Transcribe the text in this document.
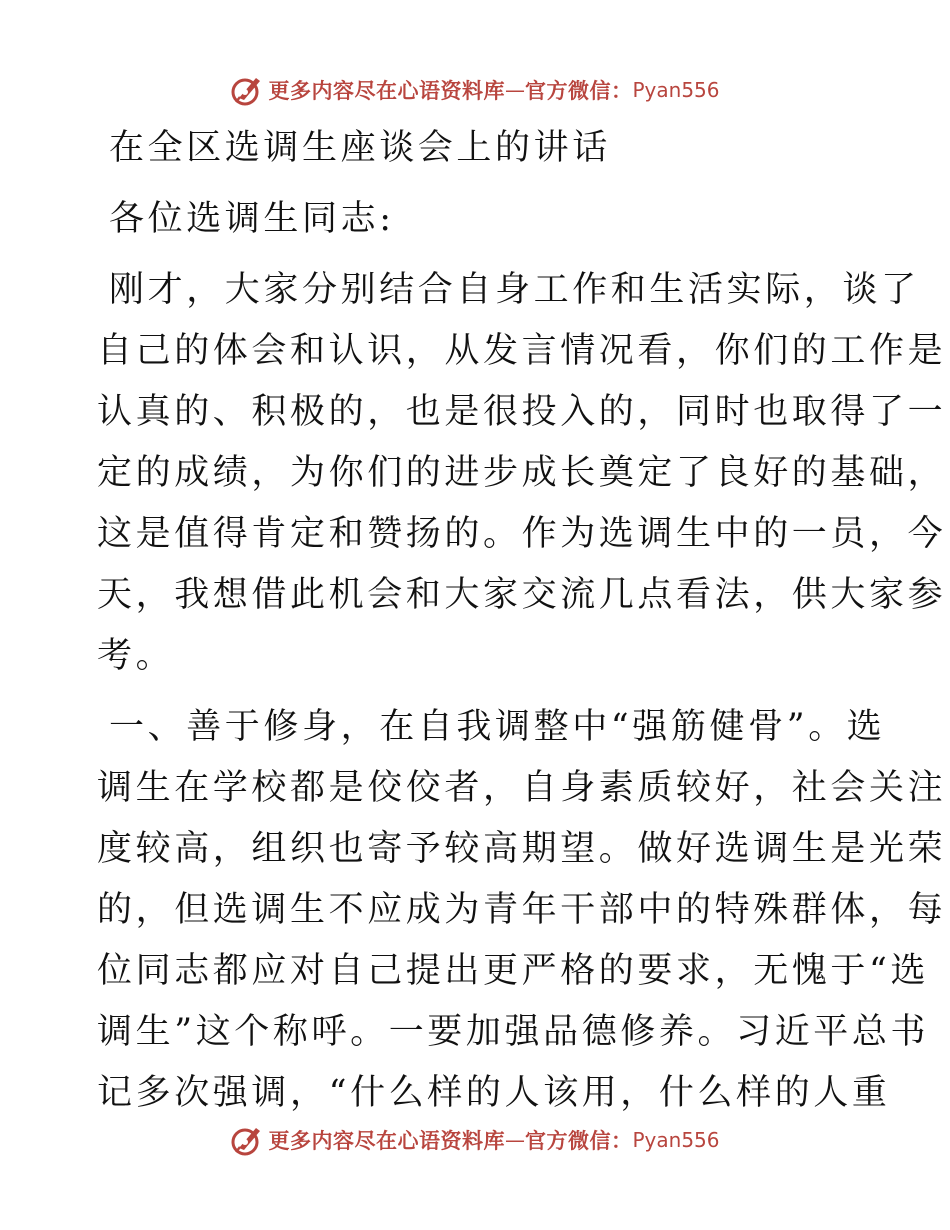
更多内容尽在心语资料库 — 官方微信： Pyan556
在全区选调生座谈会上的讲话
各位选调生同志:
刚才，大家分别结合自身工作和生活实际，谈了
自己的体会和认识，从发言情况看，你们的工作是
认真的、积极的，也是很投入的，同时也取得了一
定的成绩，为你们的进步成长奠定了良好的基础，
这是值得肯定和赞扬的。作为选调生中的一员，今
天，我想借此机会和大家交流几点看法，供大家参
考。
一、善于修身，在自我调整中“强筋健骨”。选
调生在学校都是佼佼者，自身素质较好，社会关注
度较高，组织也寄予较高期望。做好选调生是光荣
的，但选调生不应成为青年干部中的特殊群体，每
位同志都应对自己提出更严格的要求，无愧于“选
调生”这个称呼。一要加强品德修养。习近平总书
记多次强调，“什么样的人该用，什么样的人重
更多内容尽在心语资料库 — 官方微信： Pyan556
